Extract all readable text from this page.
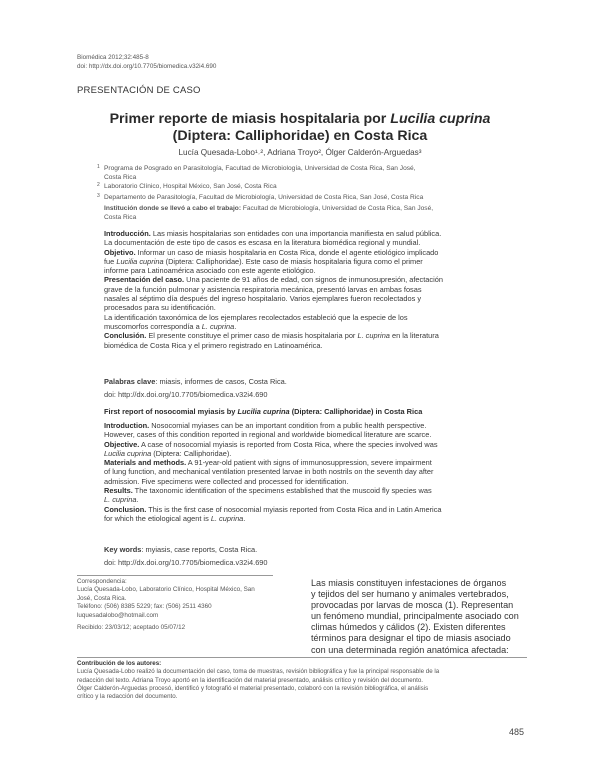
Biomédica 2012;32:485-8
doi: http://dx.doi.org/10.7705/biomedica.v32i4.690
PRESENTACIÓN DE CASO
Primer reporte de miasis hospitalaria por Lucilia cuprina
(Diptera: Calliphoridae) en Costa Rica
Lucía Quesada-Lobo¹˒², Adriana Troyo², Ólger Calderón-Arguedas³
1 Programa de Posgrado en Parasitología, Facultad de Microbiología, Universidad de Costa Rica, San José,
Costa Rica
2 Laboratorio Clínico, Hospital México, San José, Costa Rica
3 Departamento de Parasitología, Facultad de Microbiología, Universidad de Costa Rica, San José, Costa Rica
Institución donde se llevó a cabo el trabajo: Facultad de Microbiología, Universidad de Costa Rica, San José,
Costa Rica
Introducción. Las miasis hospitalarias son entidades con una importancia manifiesta en salud pública.
La documentación de este tipo de casos es escasa en la literatura biomédica regional y mundial.
Objetivo. Informar un caso de miasis hospitalaria en Costa Rica, donde el agente etiológico implicado
fue Lucilia cuprina (Diptera: Calliphoridae). Este caso de miasis hospitalaria figura como el primer
informe para Latinoamérica asociado con este agente etiológico.
Presentación del caso. Una paciente de 91 años de edad, con signos de inmunosupresión, afectación
grave de la función pulmonar y asistencia respiratoria mecánica, presentó larvas en ambas fosas
nasales al séptimo día después del ingreso hospitalario. Varios ejemplares fueron recolectados y
procesados para su identificación.
La identificación taxonómica de los ejemplares recolectados estableció que la especie de los
muscomorfos correspondía a L. cuprina.
Conclusión. El presente constituye el primer caso de miasis hospitalaria por L. cuprina en la literatura
biomédica de Costa Rica y el primero registrado en Latinoamérica.
Palabras clave: miasis, informes de casos, Costa Rica.
doi: http://dx.doi.org/10.7705/biomedica.v32i4.690
First report of nosocomial myiasis by Lucilia cuprina (Diptera: Calliphoridae) in Costa Rica
Introduction. Nosocomial myiases can be an important condition from a public health perspective.
However, cases of this condition reported in regional and worldwide biomedical literature are scarce.
Objective. A case of nosocomial myiasis is reported from Costa Rica, where the species involved was
Lucilia cuprina (Diptera: Calliphoridae).
Materials and methods. A 91-year-old patient with signs of immunosuppression, severe impairment
of lung function, and mechanical ventilation presented larvae in both nostrils on the seventh day after
admission. Five specimens were collected and processed for identification.
Results. The taxonomic identification of the specimens established that the muscoid fly species was
L. cuprina.
Conclusion. This is the first case of nosocomial myiasis reported from Costa Rica and in Latin America
for which the etiological agent is L. cuprina.
Key words: myiasis, case reports, Costa Rica.
doi: http://dx.doi.org/10.7705/biomedica.v32i4.690
Correspondencia:
Lucía Quesada-Lobo, Laboratorio Clínico, Hospital México, San
José, Costa Rica.
Teléfono: (506) 8385 5229; fax: (506) 2511 4360
luquesadalobo@hotmail.com
Recibido: 23/03/12; aceptado 05/07/12
Las miasis constituyen infestaciones de órganos
y tejidos del ser humano y animales vertebrados,
provocadas por larvas de mosca (1). Representan
un fenómeno mundial, principalmente asociado con
climas húmedos y cálidos (2). Existen diferentes
términos para designar el tipo de miasis asociado
con una determinada región anatómica afectada:
Contribución de los autores:
Lucía Quesada-Lobo realizó la documentación del caso, toma de muestras, revisión bibliográfica y fue la principal responsable de la
redacción del texto. Adriana Troyo aportó en la identificación del material presentado, análisis crítico y revisión del documento.
Ólger Calderón-Arguedas procesó, identificó y fotografió el material presentado, colaboró con la revisión bibliográfica, el análisis
crítico y la redacción del documento.
485
